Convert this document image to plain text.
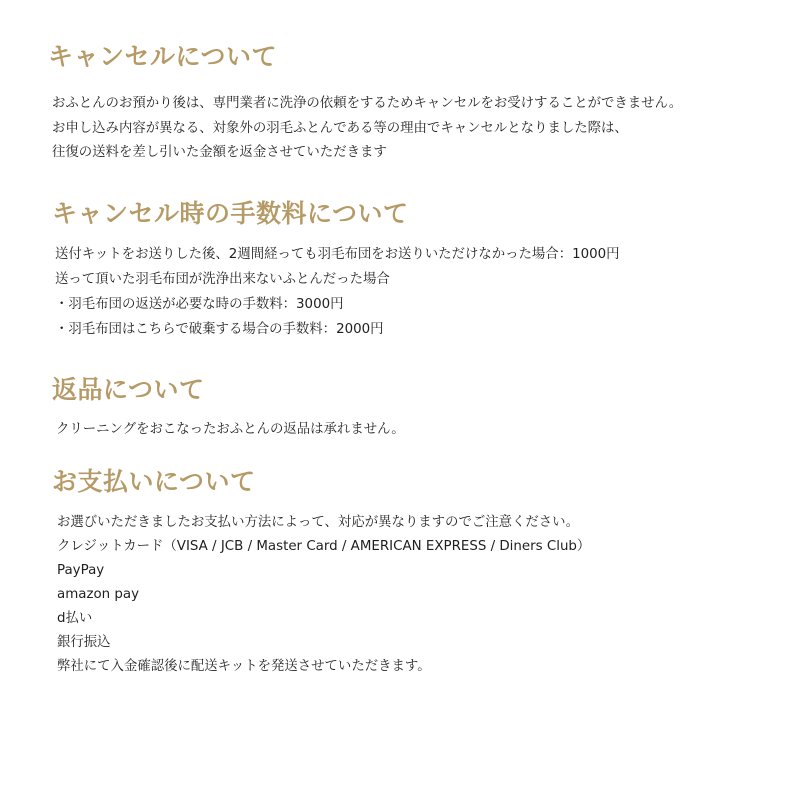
キャンセルについて
おふとんのお預かり後は、専門業者に洗浄の依頼をするためキャンセルをお受けすることができません。
お申し込み内容が異なる、対象外の羽毛ふとんである等の理由でキャンセルとなりました際は、
往復の送料を差し引いた金額を返金させていただきます
キャンセル時の手数料について
送付キットをお送りした後、2週間経っても羽毛布団をお送りいただけなかった場合：1000円
送って頂いた羽毛布団が洗浄出来ないふとんだった場合
・羽毛布団の返送が必要な時の手数料：3000円
・羽毛布団はこちらで破棄する場合の手数料：2000円
返品について
クリーニングをおこなったおふとんの返品は承れません。
お支払いについて
お選びいただきましたお支払い方法によって、対応が異なりますのでご注意ください。
クレジットカード（VISA / JCB / Master Card / AMERICAN EXPRESS / Diners Club）
PayPay
amazon pay
d払い
銀行振込
弊社にて入金確認後に配送キットを発送させていただきます。
